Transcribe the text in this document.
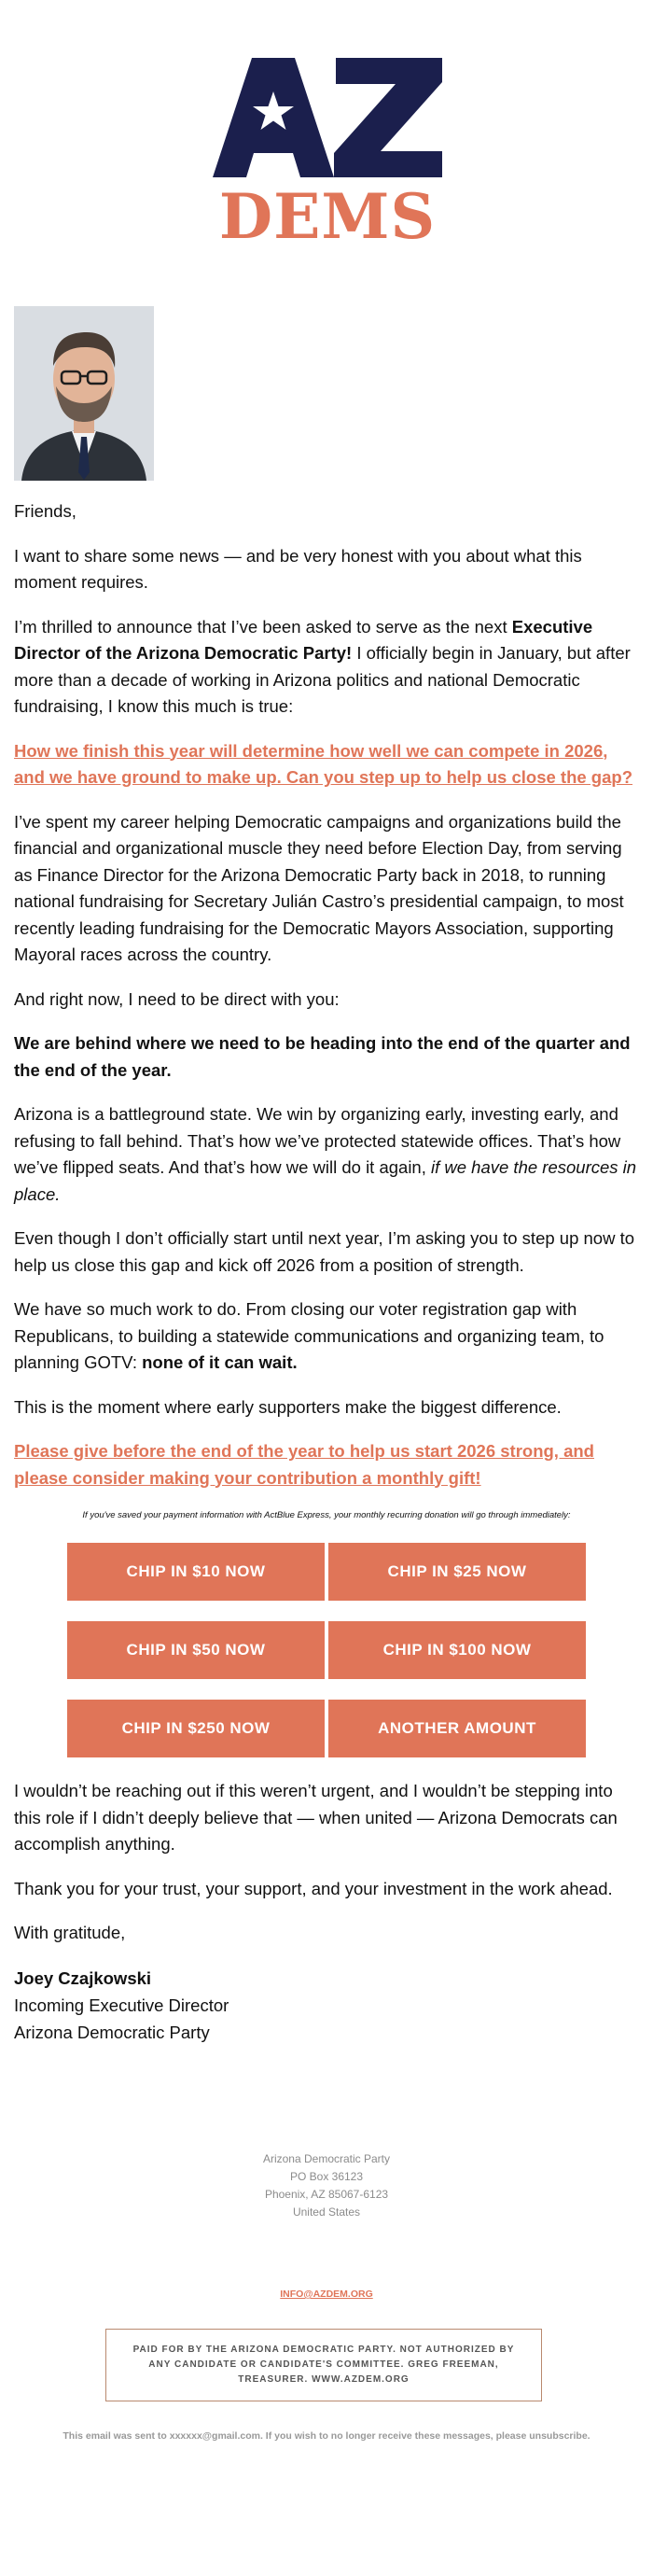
DEMS

Friends,

I want to share some news — and be very honest with you about what this moment requires.

I’m thrilled to announce that I’ve been asked to serve as the next Executive Director of the Arizona Democratic Party! I officially begin in January, but after more than a decade of working in Arizona politics and national Democratic fundraising, I know this much is true:

How we finish this year will determine how well we can compete in 2026, and we have ground to make up. Can you step up to help us close the gap?

I’ve spent my career helping Democratic campaigns and organizations build the financial and organizational muscle they need before Election Day, from serving as Finance Director for the Arizona Democratic Party back in 2018, to running national fundraising for Secretary Julián Castro’s presidential campaign, to most recently leading fundraising for the Democratic Mayors Association, supporting Mayoral races across the country.

And right now, I need to be direct with you:

We are behind where we need to be heading into the end of the quarter and the end of the year.

Arizona is a battleground state. We win by organizing early, investing early, and refusing to fall behind. That’s how we’ve protected statewide offices. That’s how we’ve flipped seats. And that’s how we will do it again, if we have the resources in place.

Even though I don’t officially start until next year, I’m asking you to step up now to help us close this gap and kick off 2026 from a position of strength.

We have so much work to do. From closing our voter registration gap with Republicans, to building a statewide communications and organizing team, to planning GOTV: none of it can wait.

This is the moment where early supporters make the biggest difference.

Please give before the end of the year to help us start 2026 strong, and please consider making your contribution a monthly gift!

If you've saved your payment information with ActBlue Express, your monthly recurring donation will go through immediately:

CHIP IN $10 NOW	CHIP IN $25 NOW
CHIP IN $50 NOW	CHIP IN $100 NOW
CHIP IN $250 NOW	ANOTHER AMOUNT

I wouldn’t be reaching out if this weren’t urgent, and I wouldn’t be stepping into this role if I didn’t deeply believe that — when united — Arizona Democrats can accomplish anything.

Thank you for your trust, your support, and your investment in the work ahead.

With gratitude,

Joey Czajkowski
Incoming Executive Director
Arizona Democratic Party
Arizona Democratic Party
PO Box 36123
Phoenix, AZ 85067-6123
United States
INFO@AZDEM.ORG
PAID FOR BY THE ARIZONA DEMOCRATIC PARTY. NOT AUTHORIZED BY ANY CANDIDATE OR CANDIDATE'S COMMITTEE. GREG FREEMAN, TREASURER. WWW.AZDEM.ORG
This email was sent to xxxxxx@gmail.com. If you wish to no longer receive these messages, please unsubscribe.
